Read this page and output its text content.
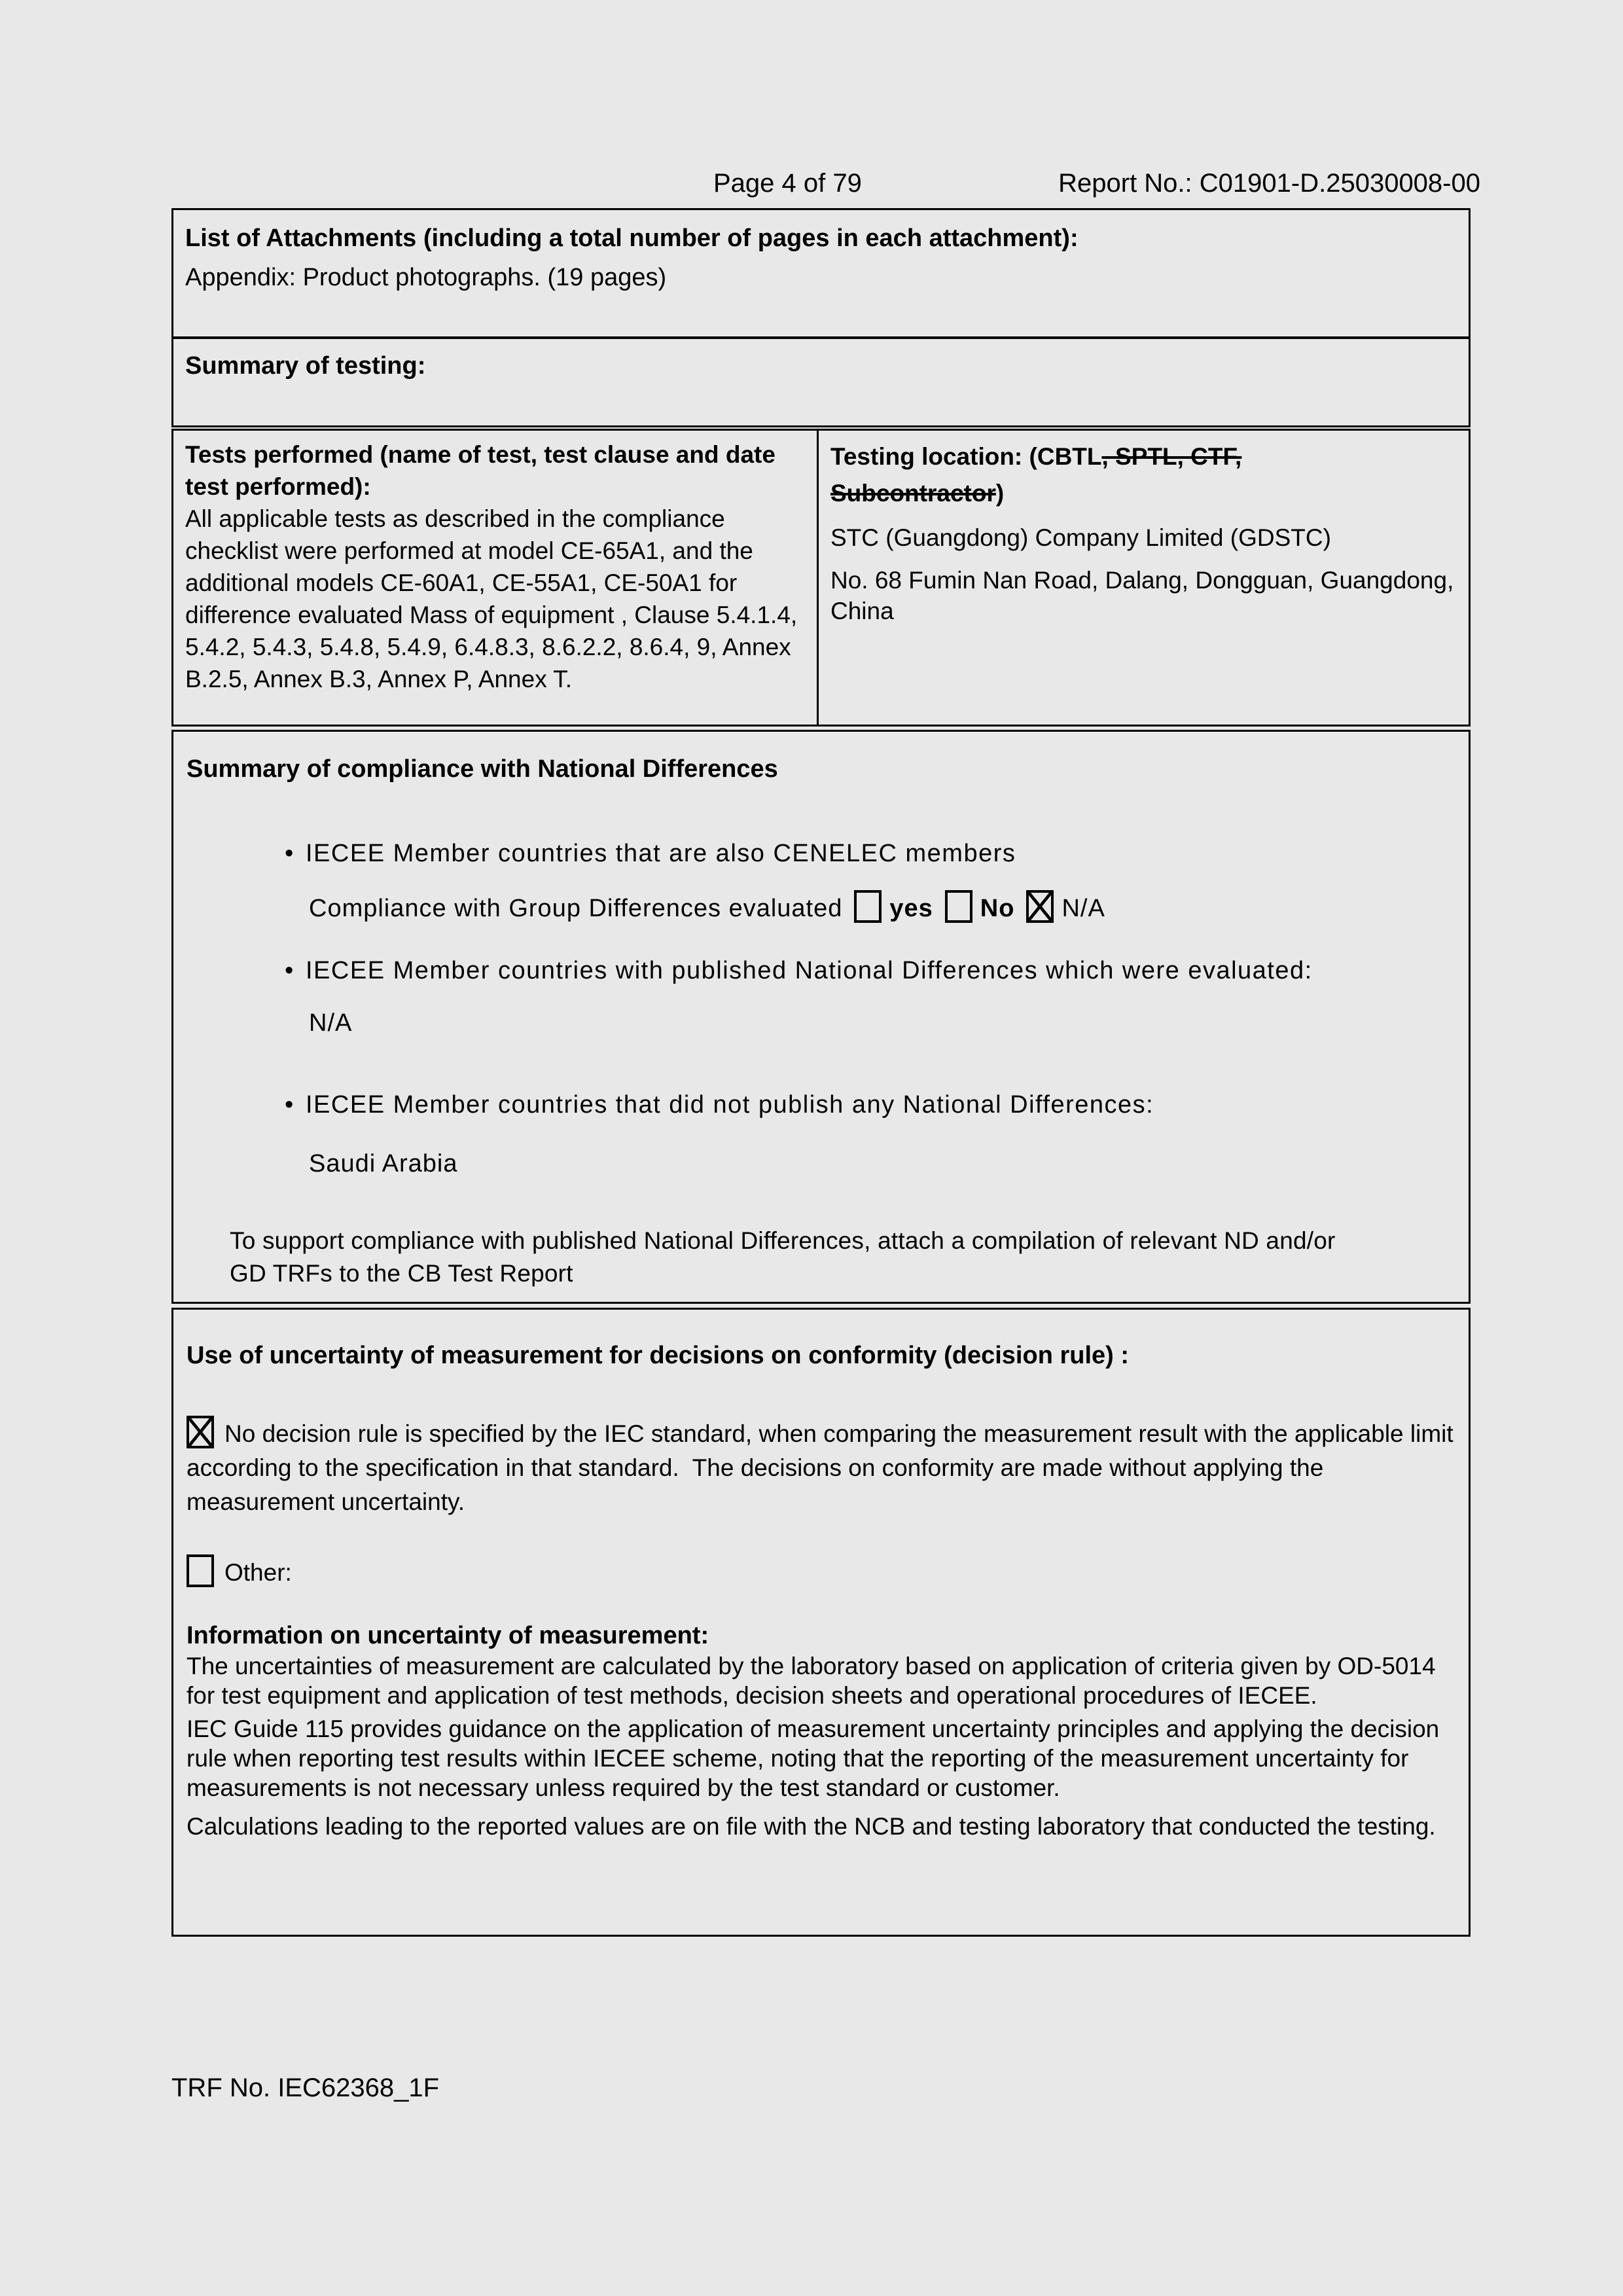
Page 4 of 79	Report No.: C01901-D.25030008-00
List of Attachments (including a total number of pages in each attachment):
Appendix: Product photographs. (19 pages)
Summary of testing:
Tests performed (name of test, test clause and date test performed):
All applicable tests as described in the compliance checklist were performed at model CE-65A1, and the additional models CE-60A1, CE-55A1, CE-50A1 for difference evaluated Mass of equipment , Clause 5.4.1.4, 5.4.2, 5.4.3, 5.4.8, 5.4.9, 6.4.8.3, 8.6.2.2, 8.6.4, 9, Annex B.2.5, Annex B.3, Annex P, Annex T.
Testing location: (CBTL, SPTL, CTF,
Subcontractor)
STC (Guangdong) Company Limited (GDSTC)
No. 68 Fumin Nan Road, Dalang, Dongguan, Guangdong, China
Summary of compliance with National Differences
• IECEE Member countries that are also CENELEC members
Compliance with Group Differences evaluated yes No N/A
• IECEE Member countries with published National Differences which were evaluated:
N/A
• IECEE Member countries that did not publish any National Differences:
Saudi Arabia
To support compliance with published National Differences, attach a compilation of relevant ND and/or GD TRFs to the CB Test Report
Use of uncertainty of measurement for decisions on conformity (decision rule) :

No decision rule is specified by the IEC standard, when comparing the measurement result with the applicable limit according to the specification in that standard.  The decisions on conformity are made without applying the measurement uncertainty.

Other:

Information on uncertainty of measurement:

The uncertainties of measurement are calculated by the laboratory based on application of criteria given by OD-5014 for test equipment and application of test methods, decision sheets and operational procedures of IECEE.

IEC Guide 115 provides guidance on the application of measurement uncertainty principles and applying the decision rule when reporting test results within IECEE scheme, noting that the reporting of the measurement uncertainty for measurements is not necessary unless required by the test standard or customer.

Calculations leading to the reported values are on file with the NCB and testing laboratory that conducted the testing.

TRF No. IEC62368_1F
